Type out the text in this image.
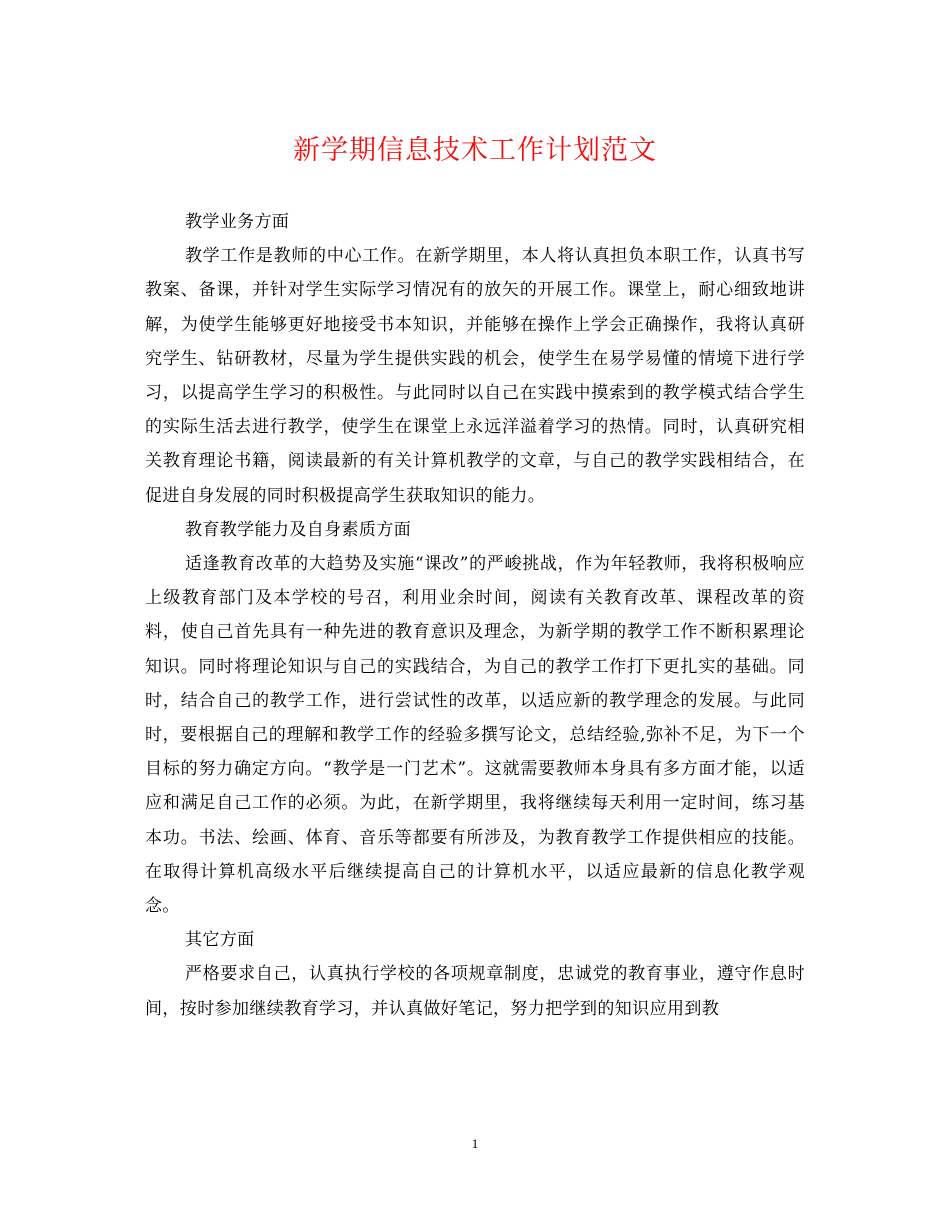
新学期信息技术工作计划范文

教学业务方面

教学工作是教师的中心工作。在新学期里，本人将认真担负本职工作，认真书写教案、备课，并针对学生实际学习情况有的放矢的开展工作。课堂上，耐心细致地讲解，为使学生能够更好地接受书本知识，并能够在操作上学会正确操作，我将认真研究学生、钻研教材，尽量为学生提供实践的机会，使学生在易学易懂的情境下进行学习，以提高学生学习的积极性。与此同时以自己在实践中摸索到的教学模式结合学生的实际生活去进行教学，使学生在课堂上永远洋溢着学习的热情。同时，认真研究相关教育理论书籍，阅读最新的有关计算机教学的文章，与自己的教学实践相结合，在促进自身发展的同时积极提高学生获取知识的能力。

教育教学能力及自身素质方面

适逢教育改革的大趋势及实施“课改”的严峻挑战，作为年轻教师，我将积极响应上级教育部门及本学校的号召，利用业余时间，阅读有关教育改革、课程改革的资料，使自己首先具有一种先进的教育意识及理念，为新学期的教学工作不断积累理论知识。同时将理论知识与自己的实践结合，为自己的教学工作打下更扎实的基础。同时，结合自己的教学工作，进行尝试性的改革，以适应新的教学理念的发展。与此同时，要根据自己的理解和教学工作的经验多撰写论文，总结经验,弥补不足，为下一个目标的努力确定方向。“教学是一门艺术”。这就需要教师本身具有多方面才能，以适应和满足自己工作的必须。为此，在新学期里，我将继续每天利用一定时间，练习基本功。书法、绘画、体育、音乐等都要有所涉及，为教育教学工作提供相应的技能。在取得计算机高级水平后继续提高自己的计算机水平，以适应最新的信息化教学观念。

其它方面

严格要求自己，认真执行学校的各项规章制度，忠诚党的教育事业，遵守作息时间，按时参加继续教育学习，并认真做好笔记，努力把学到的知识应用到教

1
